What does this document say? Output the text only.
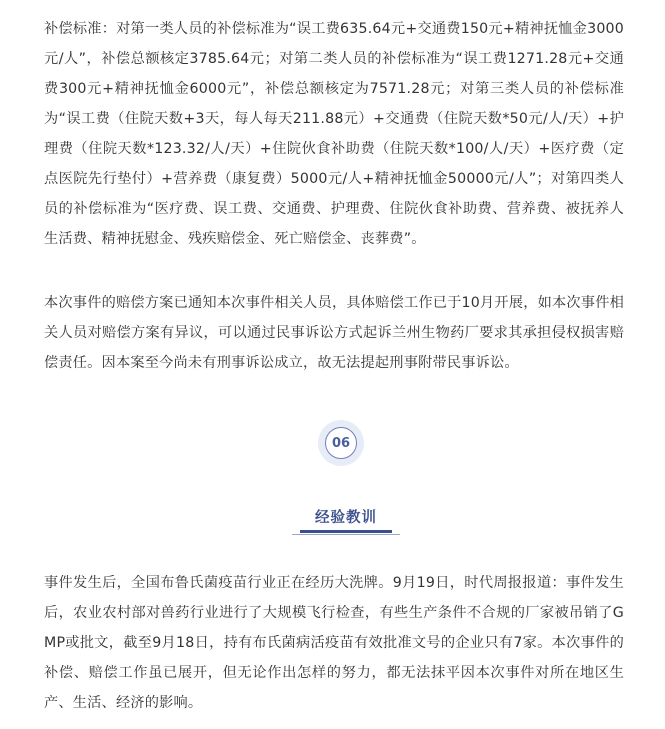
补偿标准：对第一类人员的补偿标准为“误工费635.64元+交通费150元+精神抚恤金3000元/人”，补偿总额核定3785.64元；对第二类人员的补偿标准为“误工费1271.28元+交通费300元+精神抚恤金6000元”，补偿总额核定为7571.28元；对第三类人员的补偿标准为“误工费（住院天数+3天，每人每天211.88元）+交通费（住院天数*50元/人/天）+护理费（住院天数*123.32/人/天）+住院伙食补助费（住院天数*100/人/天）+医疗费（定点医院先行垫付）+营养费（康复费）5000元/人+精神抚恤金50000元/人”；对第四类人员的补偿标准为“医疗费、误工费、交通费、护理费、住院伙食补助费、营养费、被抚养人生活费、精神抚慰金、残疾赔偿金、死亡赔偿金、丧葬费”。

本次事件的赔偿方案已通知本次事件相关人员，具体赔偿工作已于10月开展，如本次事件相关人员对赔偿方案有异议，可以通过民事诉讼方式起诉兰州生物药厂要求其承担侵权损害赔偿责任。因本案至今尚未有刑事诉讼成立，故无法提起刑事附带民事诉讼。

06
经验教训

事件发生后，全国布鲁氏菌疫苗行业正在经历大洗牌。9月19日，时代周报报道：事件发生后，农业农村部对兽药行业进行了大规模飞行检查，有些生产条件不合规的厂家被吊销了GMP或批文，截至9月18日，持有布氏菌病活疫苗有效批准文号的企业只有7家。本次事件的补偿、赔偿工作虽已展开，但无论作出怎样的努力，都无法抹平因本次事件对所在地区生产、生活、经济的影响。
